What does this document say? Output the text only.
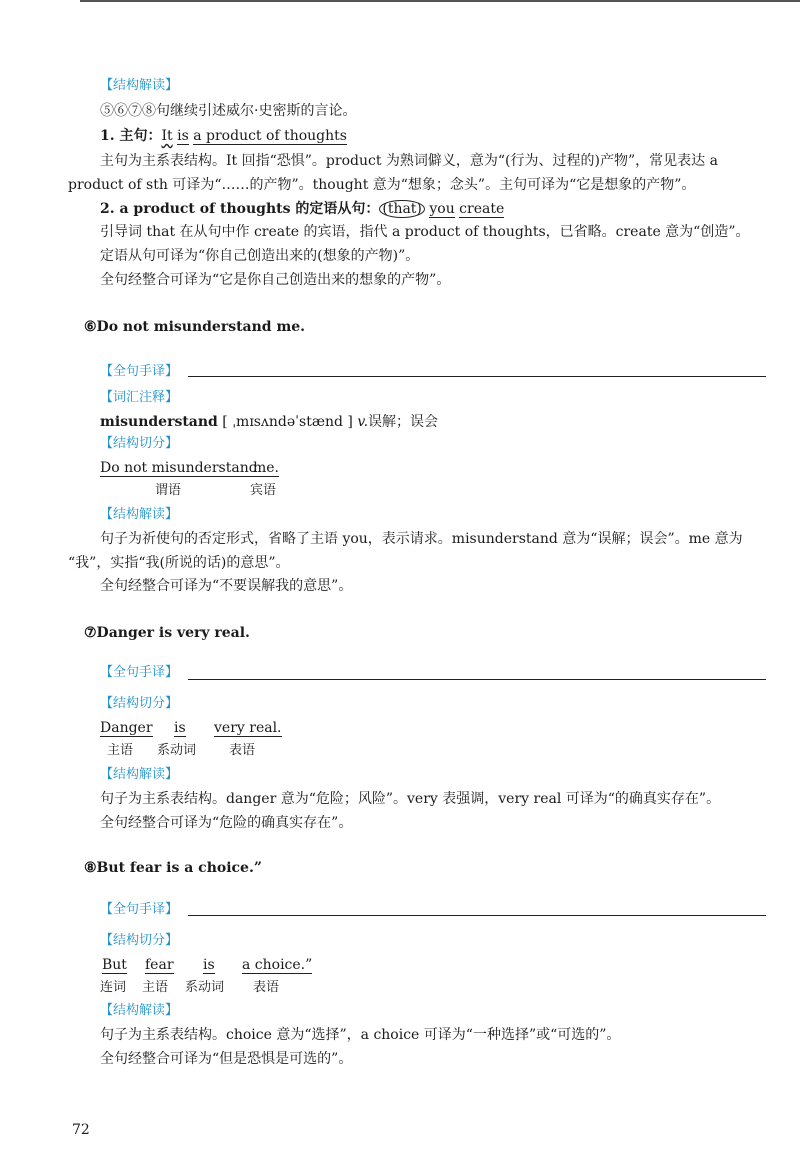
【结构解读】
⑤⑥⑦⑧句继续引述威尔·史密斯的言论。
1. 主句：It is a product of thoughts
主句为主系表结构。It 回指“恐惧”。product 为熟词僻义，意为“(行为、过程的)产物”，常见表达 a
product of sth 可译为“……的产物”。thought 意为“想象；念头”。主句可译为“它是想象的产物”。
2. a product of thoughts 的定语从句： (that) you create
引导词 that 在从句中作 create 的宾语，指代 a product of thoughts，已省略。create 意为“创造”。
定语从句可译为“你自己创造出来的(想象的产物)”。
全句经整合可译为“它是你自己创造出来的想象的产物”。
⑥Do not misunderstand me.
【全句手译】
【词汇注释】
misunderstand [ ˌmɪsʌndəˈstænd ] v.误解；误会
【结构切分】
Do not misunderstand
me.
谓语	宾语
【结构解读】
句子为祈使句的否定形式，省略了主语 you，表示请求。misunderstand 意为“误解；误会”。me 意为
“我”，实指“我(所说的话)的意思”。
全句经整合可译为“不要误解我的意思”。
⑦Danger is very real.
【全句手译】
【结构切分】
Danger is very real.
主语 系动词	表语
【结构解读】
句子为主系表结构。danger 意为“危险；风险”。very 表强调，very real 可译为“的确真实存在”。
全句经整合可译为“危险的确真实存在”。
⑧But fear is a choice.”
【全句手译】
【结构切分】
But fear is a choice.”
连词 主语 系动词 表语
【结构解读】
句子为主系表结构。choice 意为“选择”，a choice 可译为“一种选择”或“可选的”。
全句经整合可译为“但是恐惧是可选的”。
72
